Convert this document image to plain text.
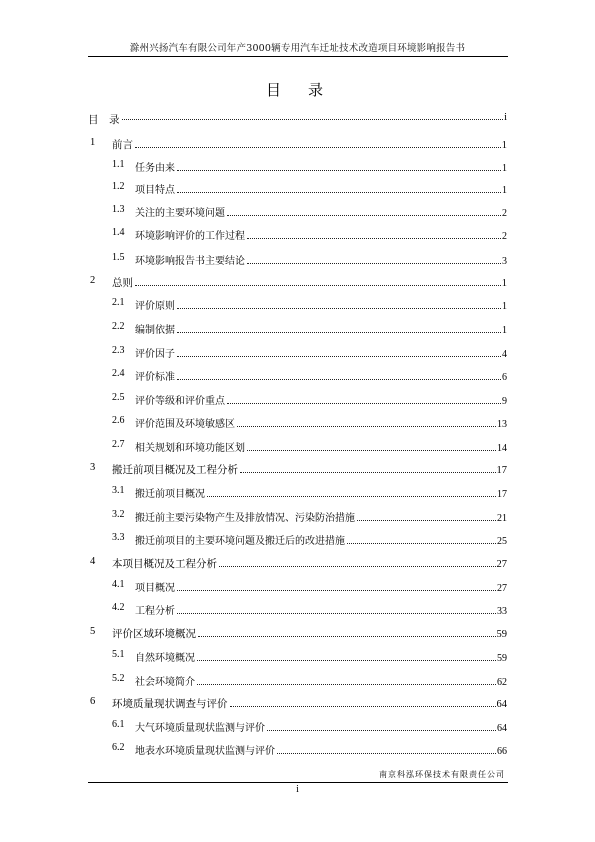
滁州兴扬汽车有限公司年产3000辆专用汽车迁址技术改造项目环境影响报告书
目　录
目　录	i
1 前言	1
1.1 任务由来	1
1.2 项目特点	1
1.3 关注的主要环境问题	2
1.4 环境影响评价的工作过程	2
1.5 环境影响报告书主要结论	3
2 总则	1
2.1 评价原则	1
2.2 编制依据	1
2.3 评价因子	4
2.4 评价标准	6
2.5 评价等级和评价重点	9
2.6 评价范围及环境敏感区	13
2.7 相关规划和环境功能区划	14
3 搬迁前项目概况及工程分析	17
3.1 搬迁前项目概况	17
3.2 搬迁前主要污染物产生及排放情况、污染防治措施	21
3.3 搬迁前项目的主要环境问题及搬迁后的改进措施	25
4 本项目概况及工程分析	27
4.1 项目概况	27
4.2 工程分析	33
5 评价区域环境概况	59
5.1 自然环境概况	59
5.2 社会环境简介	62
6 环境质量现状调查与评价	64
6.1 大气环境质量现状监测与评价	64
6.2 地表水环境质量现状监测与评价	66
南京科泓环保技术有限责任公司
i
